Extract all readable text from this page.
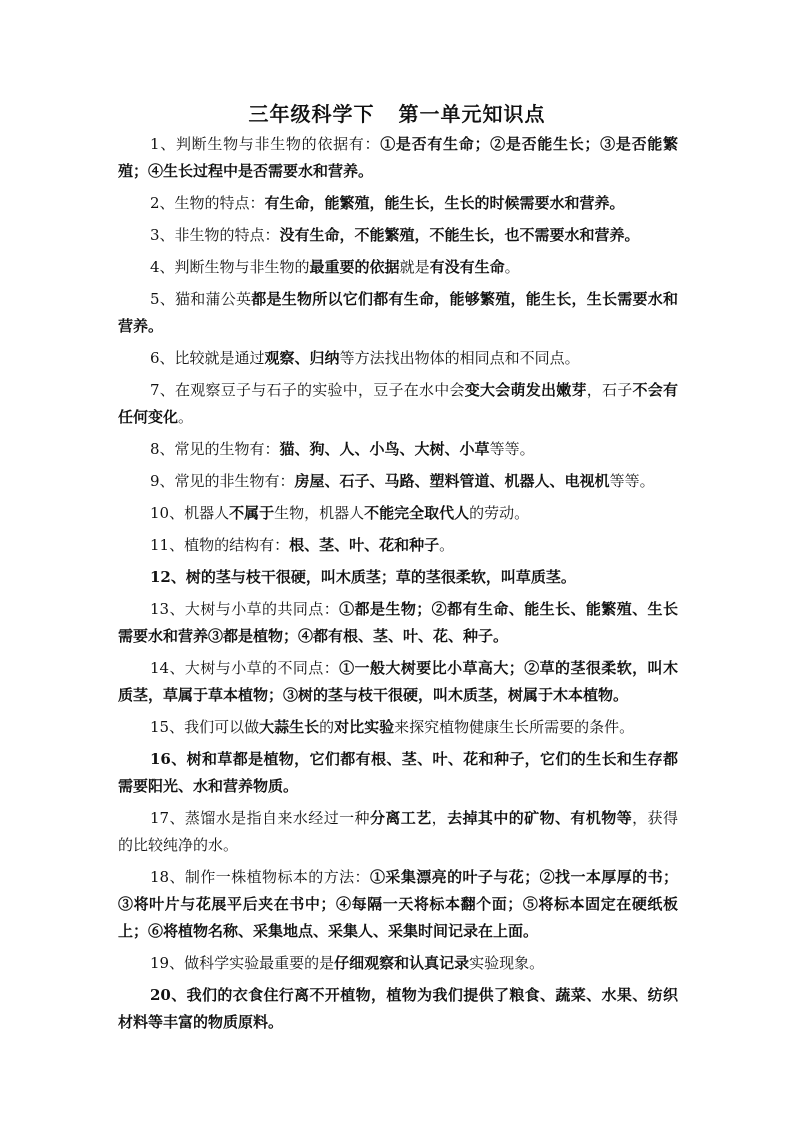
三年级科学下 第一单元知识点

1、判断生物与非生物的依据有：①是否有生命；②是否能生长；③是否能繁殖；④生长过程中是否需要水和营养。

2、生物的特点：有生命，能繁殖，能生长，生长的时候需要水和营养。

3、非生物的特点：没有生命，不能繁殖，不能生长，也不需要水和营养。

4、判断生物与非生物的最重要的依据就是有没有生命。

5、猫和蒲公英都是生物所以它们都有生命，能够繁殖，能生长，生长需要水和营养。

6、比较就是通过观察、归纳等方法找出物体的相同点和不同点。

7、在观察豆子与石子的实验中，豆子在水中会变大会萌发出嫩芽，石子不会有任何变化。

8、常见的生物有：猫、狗、人、小鸟、大树、小草等等。

9、常见的非生物有：房屋、石子、马路、塑料管道、机器人、电视机等等。

10、机器人不属于生物，机器人不能完全取代人的劳动。

11、植物的结构有：根、茎、叶、花和种子。

12、树的茎与枝干很硬，叫木质茎；草的茎很柔软，叫草质茎。

13、大树与小草的共同点：①都是生物；②都有生命、能生长、能繁殖、生长需要水和营养③都是植物；④都有根、茎、叶、花、种子。

14、大树与小草的不同点：①一般大树要比小草高大；②草的茎很柔软，叫木质茎，草属于草本植物；③树的茎与枝干很硬，叫木质茎，树属于木本植物。

15、我们可以做大蒜生长的对比实验来探究植物健康生长所需要的条件。

16、树和草都是植物，它们都有根、茎、叶、花和种子，它们的生长和生存都需要阳光、水和营养物质。

17、蒸馏水是指自来水经过一种分离工艺，去掉其中的矿物、有机物等，获得的比较纯净的水。

18、制作一株植物标本的方法：①采集漂亮的叶子与花；②找一本厚厚的书；③将叶片与花展平后夹在书中；④每隔一天将标本翻个面；⑤将标本固定在硬纸板上；⑥将植物名称、采集地点、采集人、采集时间记录在上面。

19、做科学实验最重要的是仔细观察和认真记录实验现象。

20、我们的衣食住行离不开植物，植物为我们提供了粮食、蔬菜、水果、纺织材料等丰富的物质原料。
